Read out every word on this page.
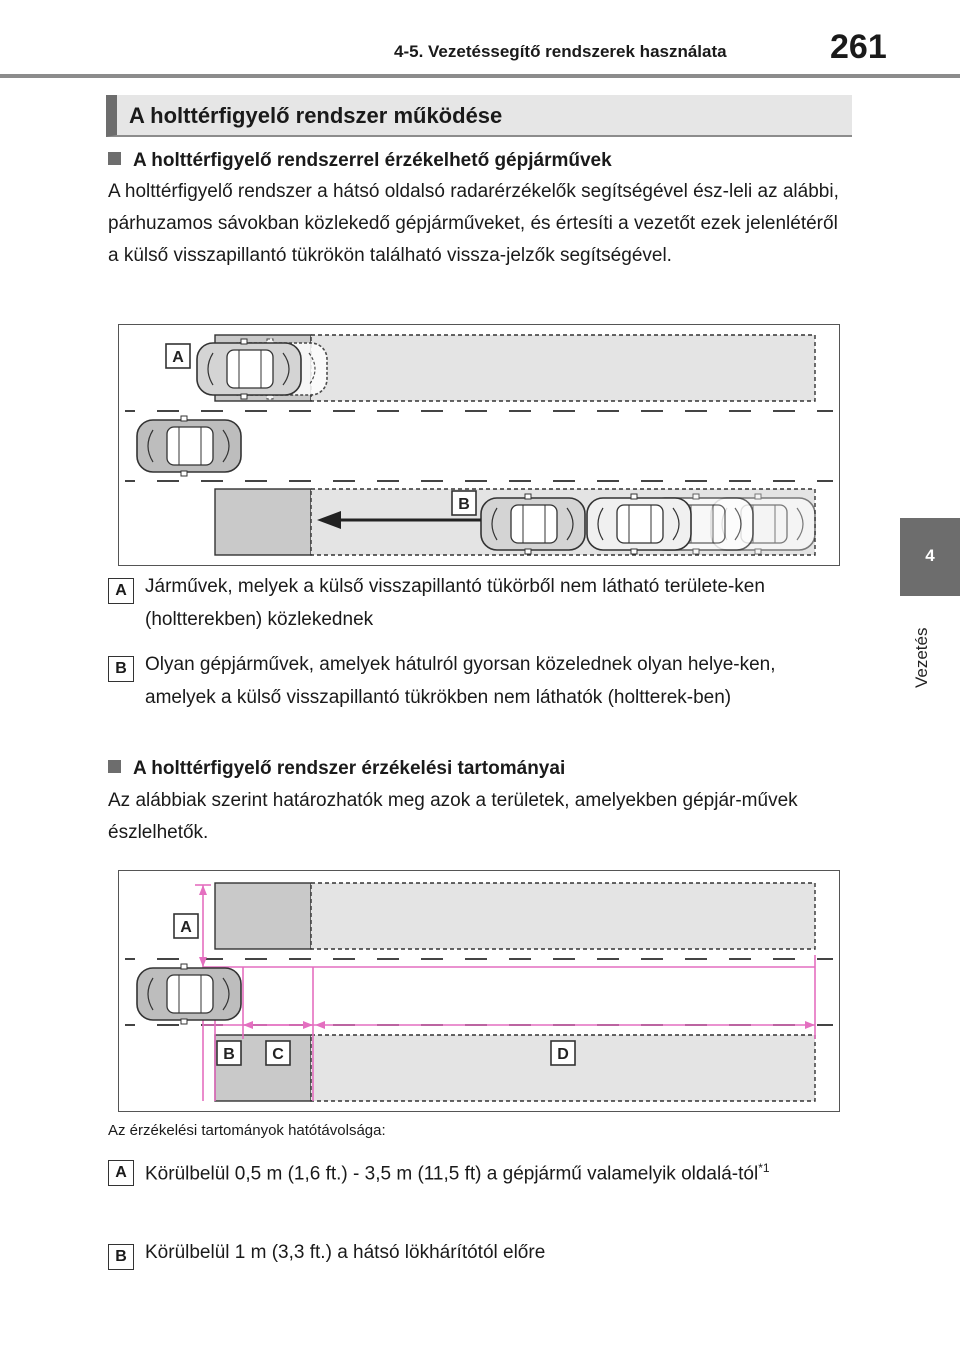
4-5. Vezetéssegítő rendszerek használata	261
4
Vezetés
A holttérfigyelő rendszer működése
A holttérfigyelő rendszerrel érzékelhető gépjárművek
A holttérfigyelő rendszer a hátsó oldalsó radarérzékelők segítségével ész-leli az alábbi, párhuzamos sávokban közlekedő gépjárműveket, és értesíti a vezetőt ezek jelenlétéről a külső visszapillantó tükrökön található vissza-jelzők segítségével.
A
B
A Járművek, melyek a külső visszapillantó tükörből nem látható területe-ken (holtterekben) közlekednek
B Olyan gépjárművek, amelyek hátulról gyorsan közelednek olyan helye-ken, amelyek a külső visszapillantó tükrökben nem láthatók (holtterek-ben)
A holttérfigyelő rendszer érzékelési tartományai
Az alábbiak szerint határozhatók meg azok a területek, amelyekben gépjár-művek észlelhetők.
A
B C	D
Az érzékelési tartományok hatótávolsága:
A Körülbelül 0,5 m (1,6 ft.) - 3,5 m (11,5 ft) a gépjármű valamelyik oldalá-tól$^{*1}$
B Körülbelül 1 m (3,3 ft.) a hátsó lökhárítótól előre
